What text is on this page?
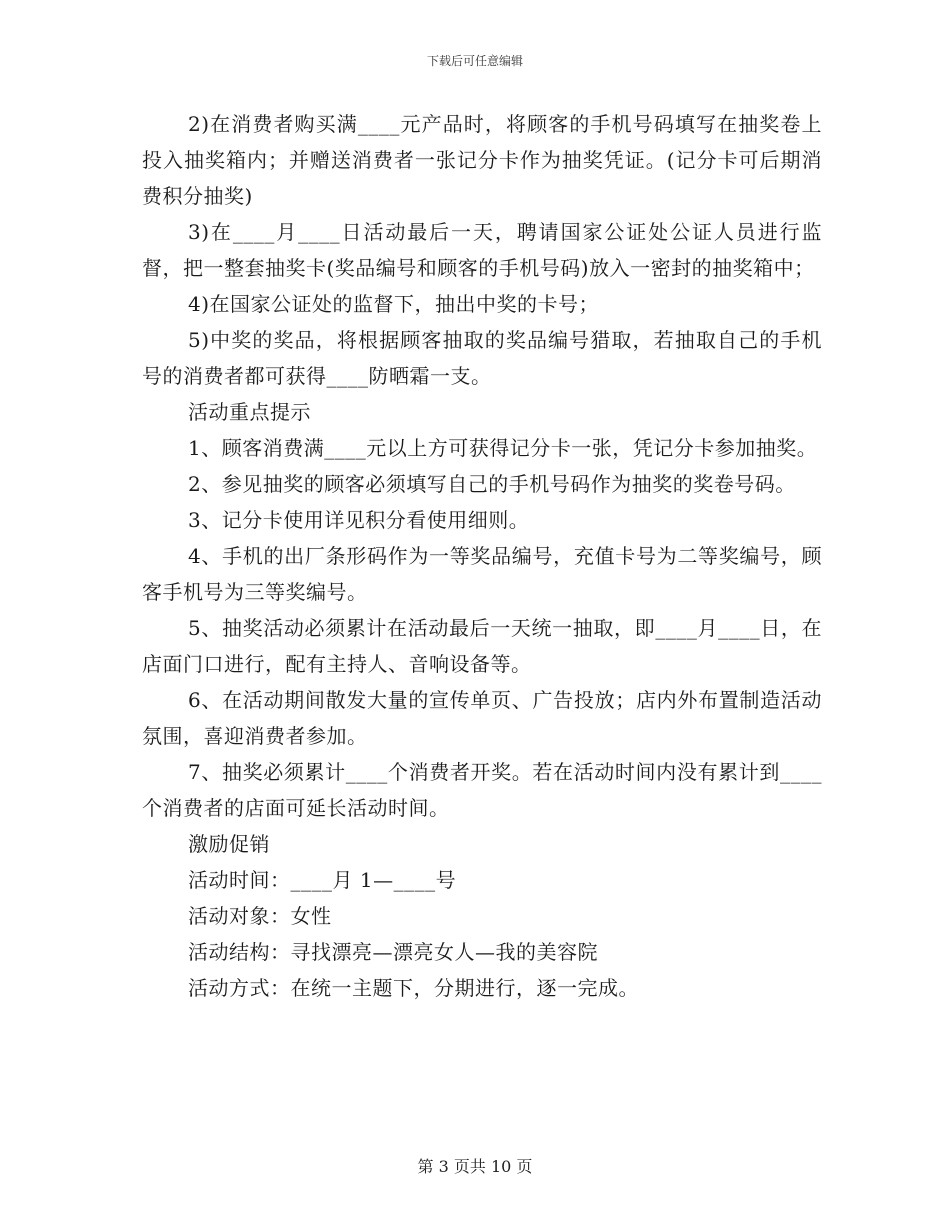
下载后可任意编辑

2)在消费者购买满____元产品时，将顾客的手机号码填写在抽奖卷上投入抽奖箱内；并赠送消费者一张记分卡作为抽奖凭证。(记分卡可后期消费积分抽奖)

3)在____月____日活动最后一天，聘请国家公证处公证人员进行监督，把一整套抽奖卡(奖品编号和顾客的手机号码)放入一密封的抽奖箱中；

4)在国家公证处的监督下，抽出中奖的卡号；

5)中奖的奖品，将根据顾客抽取的奖品编号猎取，若抽取自己的手机号的消费者都可获得____防晒霜一支。

活动重点提示

1、顾客消费满____元以上方可获得记分卡一张，凭记分卡参加抽奖。

2、参见抽奖的顾客必须填写自己的手机号码作为抽奖的奖卷号码。

3、记分卡使用详见积分看使用细则。

4、手机的出厂条形码作为一等奖品编号，充值卡号为二等奖编号，顾客手机号为三等奖编号。

5、抽奖活动必须累计在活动最后一天统一抽取，即____月____日，在店面门口进行，配有主持人、音响设备等。

6、在活动期间散发大量的宣传单页、广告投放；店内外布置制造活动氛围，喜迎消费者参加。

7、抽奖必须累计____个消费者开奖。若在活动时间内没有累计到____个消费者的店面可延长活动时间。

激励促销

活动时间：____月 1—____号

活动对象：女性

活动结构：寻找漂亮—漂亮女人—我的美容院

活动方式：在统一主题下，分期进行，逐一完成。

第 3 页共 10 页
